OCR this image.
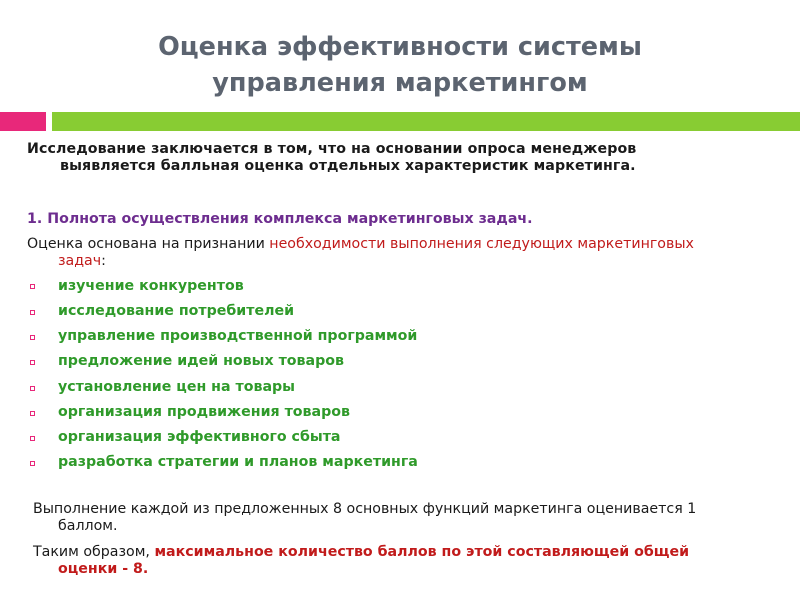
Оценка эффективности системы
управления маркетингом
Исследование заключается в том, что на основании опроса менеджеров
выявляется балльная оценка отдельных характеристик маркетинга.
1. Полнота осуществления комплекса маркетинговых задач.
Оценка основана на признании необходимости выполнения следующих маркетинговых
задач:
изучение конкурентов
исследование потребителей
управление производственной программой
предложение идей новых товаров
установление цен на товары
организация продвижения товаров
организация эффективного сбыта
разработка стратегии и планов маркетинга
Выполнение каждой из предложенных 8 основных функций маркетинга оценивается 1
баллом.
Таким образом, максимальное количество баллов по этой составляющей общей
оценки - 8.
